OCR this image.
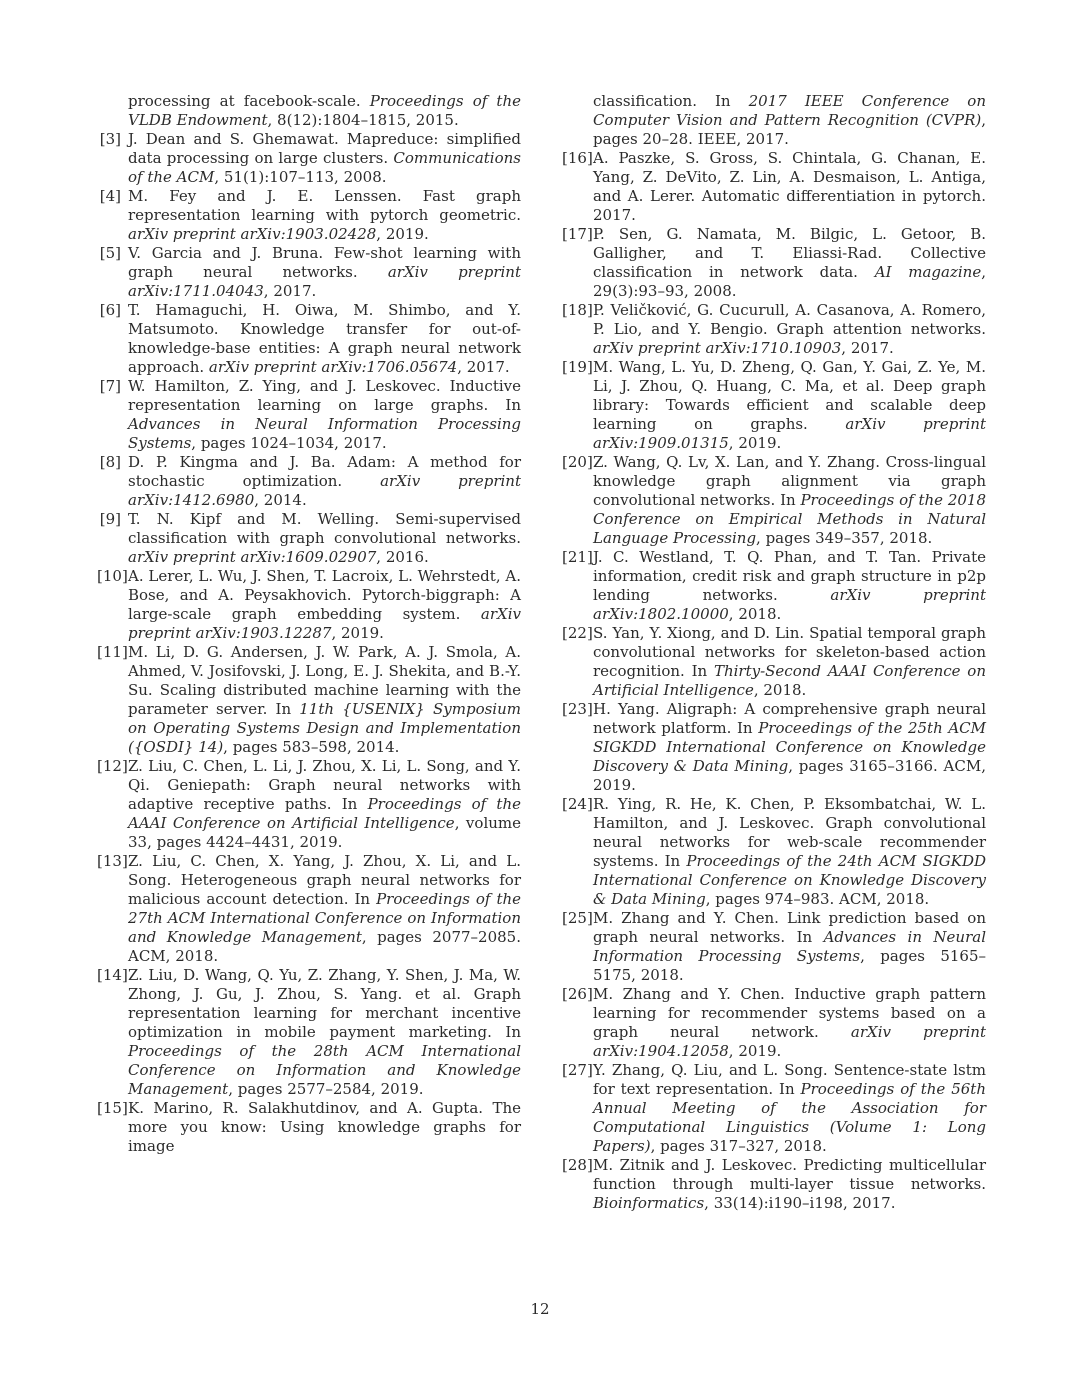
processing at facebook-scale. Proceedings of the VLDB Endowment, 8(12):1804–1815, 2015.
[3] J. Dean and S. Ghemawat. Mapreduce: simplified data processing on large clusters. Communications of the ACM, 51(1):107–113, 2008.
[4] M. Fey and J. E. Lenssen. Fast graph representation learning with pytorch geometric. arXiv preprint arXiv:1903.02428, 2019.
[5] V. Garcia and J. Bruna. Few-shot learning with graph neural networks. arXiv preprint arXiv:1711.04043, 2017.
[6] T. Hamaguchi, H. Oiwa, M. Shimbo, and Y. Matsumoto. Knowledge transfer for out-of-knowledge-base entities: A graph neural network approach. arXiv preprint arXiv:1706.05674, 2017.
[7] W. Hamilton, Z. Ying, and J. Leskovec. Inductive representation learning on large graphs. In Advances in Neural Information Processing Systems, pages 1024–1034, 2017.
[8] D. P. Kingma and J. Ba. Adam: A method for stochastic optimization. arXiv preprint arXiv:1412.6980, 2014.
[9] T. N. Kipf and M. Welling. Semi-supervised classification with graph convolutional networks. arXiv preprint arXiv:1609.02907, 2016.
[10] A. Lerer, L. Wu, J. Shen, T. Lacroix, L. Wehrstedt, A. Bose, and A. Peysakhovich. Pytorch-biggraph: A large-scale graph embedding system. arXiv preprint arXiv:1903.12287, 2019.
[11] M. Li, D. G. Andersen, J. W. Park, A. J. Smola, A. Ahmed, V. Josifovski, J. Long, E. J. Shekita, and B.-Y. Su. Scaling distributed machine learning with the parameter server. In 11th {USENIX} Symposium on Operating Systems Design and Implementation ({OSDI} 14), pages 583–598, 2014.
[12] Z. Liu, C. Chen, L. Li, J. Zhou, X. Li, L. Song, and Y. Qi. Geniepath: Graph neural networks with adaptive receptive paths. In Proceedings of the AAAI Conference on Artificial Intelligence, volume 33, pages 4424–4431, 2019.
[13] Z. Liu, C. Chen, X. Yang, J. Zhou, X. Li, and L. Song. Heterogeneous graph neural networks for malicious account detection. In Proceedings of the 27th ACM International Conference on Information and Knowledge Management, pages 2077–2085. ACM, 2018.
[14] Z. Liu, D. Wang, Q. Yu, Z. Zhang, Y. Shen, J. Ma, W. Zhong, J. Gu, J. Zhou, S. Yang. et al. Graph representation learning for merchant incentive optimization in mobile payment marketing. In Proceedings of the 28th ACM International Conference on Information and Knowledge Management, pages 2577–2584, 2019.
[15] K. Marino, R. Salakhutdinov, and A. Gupta. The more you know: Using knowledge graphs for image
classification. In 2017 IEEE Conference on Computer Vision and Pattern Recognition (CVPR), pages 20–28. IEEE, 2017.
[16] A. Paszke, S. Gross, S. Chintala, G. Chanan, E. Yang, Z. DeVito, Z. Lin, A. Desmaison, L. Antiga, and A. Lerer. Automatic differentiation in pytorch. 2017.
[17] P. Sen, G. Namata, M. Bilgic, L. Getoor, B. Galligher, and T. Eliassi-Rad. Collective classification in network data. AI magazine, 29(3):93–93, 2008.
[18] P. Veličković, G. Cucurull, A. Casanova, A. Romero, P. Lio, and Y. Bengio. Graph attention networks. arXiv preprint arXiv:1710.10903, 2017.
[19] M. Wang, L. Yu, D. Zheng, Q. Gan, Y. Gai, Z. Ye, M. Li, J. Zhou, Q. Huang, C. Ma, et al. Deep graph library: Towards efficient and scalable deep learning on graphs. arXiv preprint arXiv:1909.01315, 2019.
[20] Z. Wang, Q. Lv, X. Lan, and Y. Zhang. Cross-lingual knowledge graph alignment via graph convolutional networks. In Proceedings of the 2018 Conference on Empirical Methods in Natural Language Processing, pages 349–357, 2018.
[21] J. C. Westland, T. Q. Phan, and T. Tan. Private information, credit risk and graph structure in p2p lending networks. arXiv preprint arXiv:1802.10000, 2018.
[22] S. Yan, Y. Xiong, and D. Lin. Spatial temporal graph convolutional networks for skeleton-based action recognition. In Thirty-Second AAAI Conference on Artificial Intelligence, 2018.
[23] H. Yang. Aligraph: A comprehensive graph neural network platform. In Proceedings of the 25th ACM SIGKDD International Conference on Knowledge Discovery & Data Mining, pages 3165–3166. ACM, 2019.
[24] R. Ying, R. He, K. Chen, P. Eksombatchai, W. L. Hamilton, and J. Leskovec. Graph convolutional neural networks for web-scale recommender systems. In Proceedings of the 24th ACM SIGKDD International Conference on Knowledge Discovery & Data Mining, pages 974–983. ACM, 2018.
[25] M. Zhang and Y. Chen. Link prediction based on graph neural networks. In Advances in Neural Information Processing Systems, pages 5165–5175, 2018.
[26] M. Zhang and Y. Chen. Inductive graph pattern learning for recommender systems based on a graph neural network. arXiv preprint arXiv:1904.12058, 2019.
[27] Y. Zhang, Q. Liu, and L. Song. Sentence-state lstm for text representation. In Proceedings of the 56th Annual Meeting of the Association for Computational Linguistics (Volume 1: Long Papers), pages 317–327, 2018.
[28] M. Zitnik and J. Leskovec. Predicting multicellular function through multi-layer tissue networks. Bioinformatics, 33(14):i190–i198, 2017.
12
